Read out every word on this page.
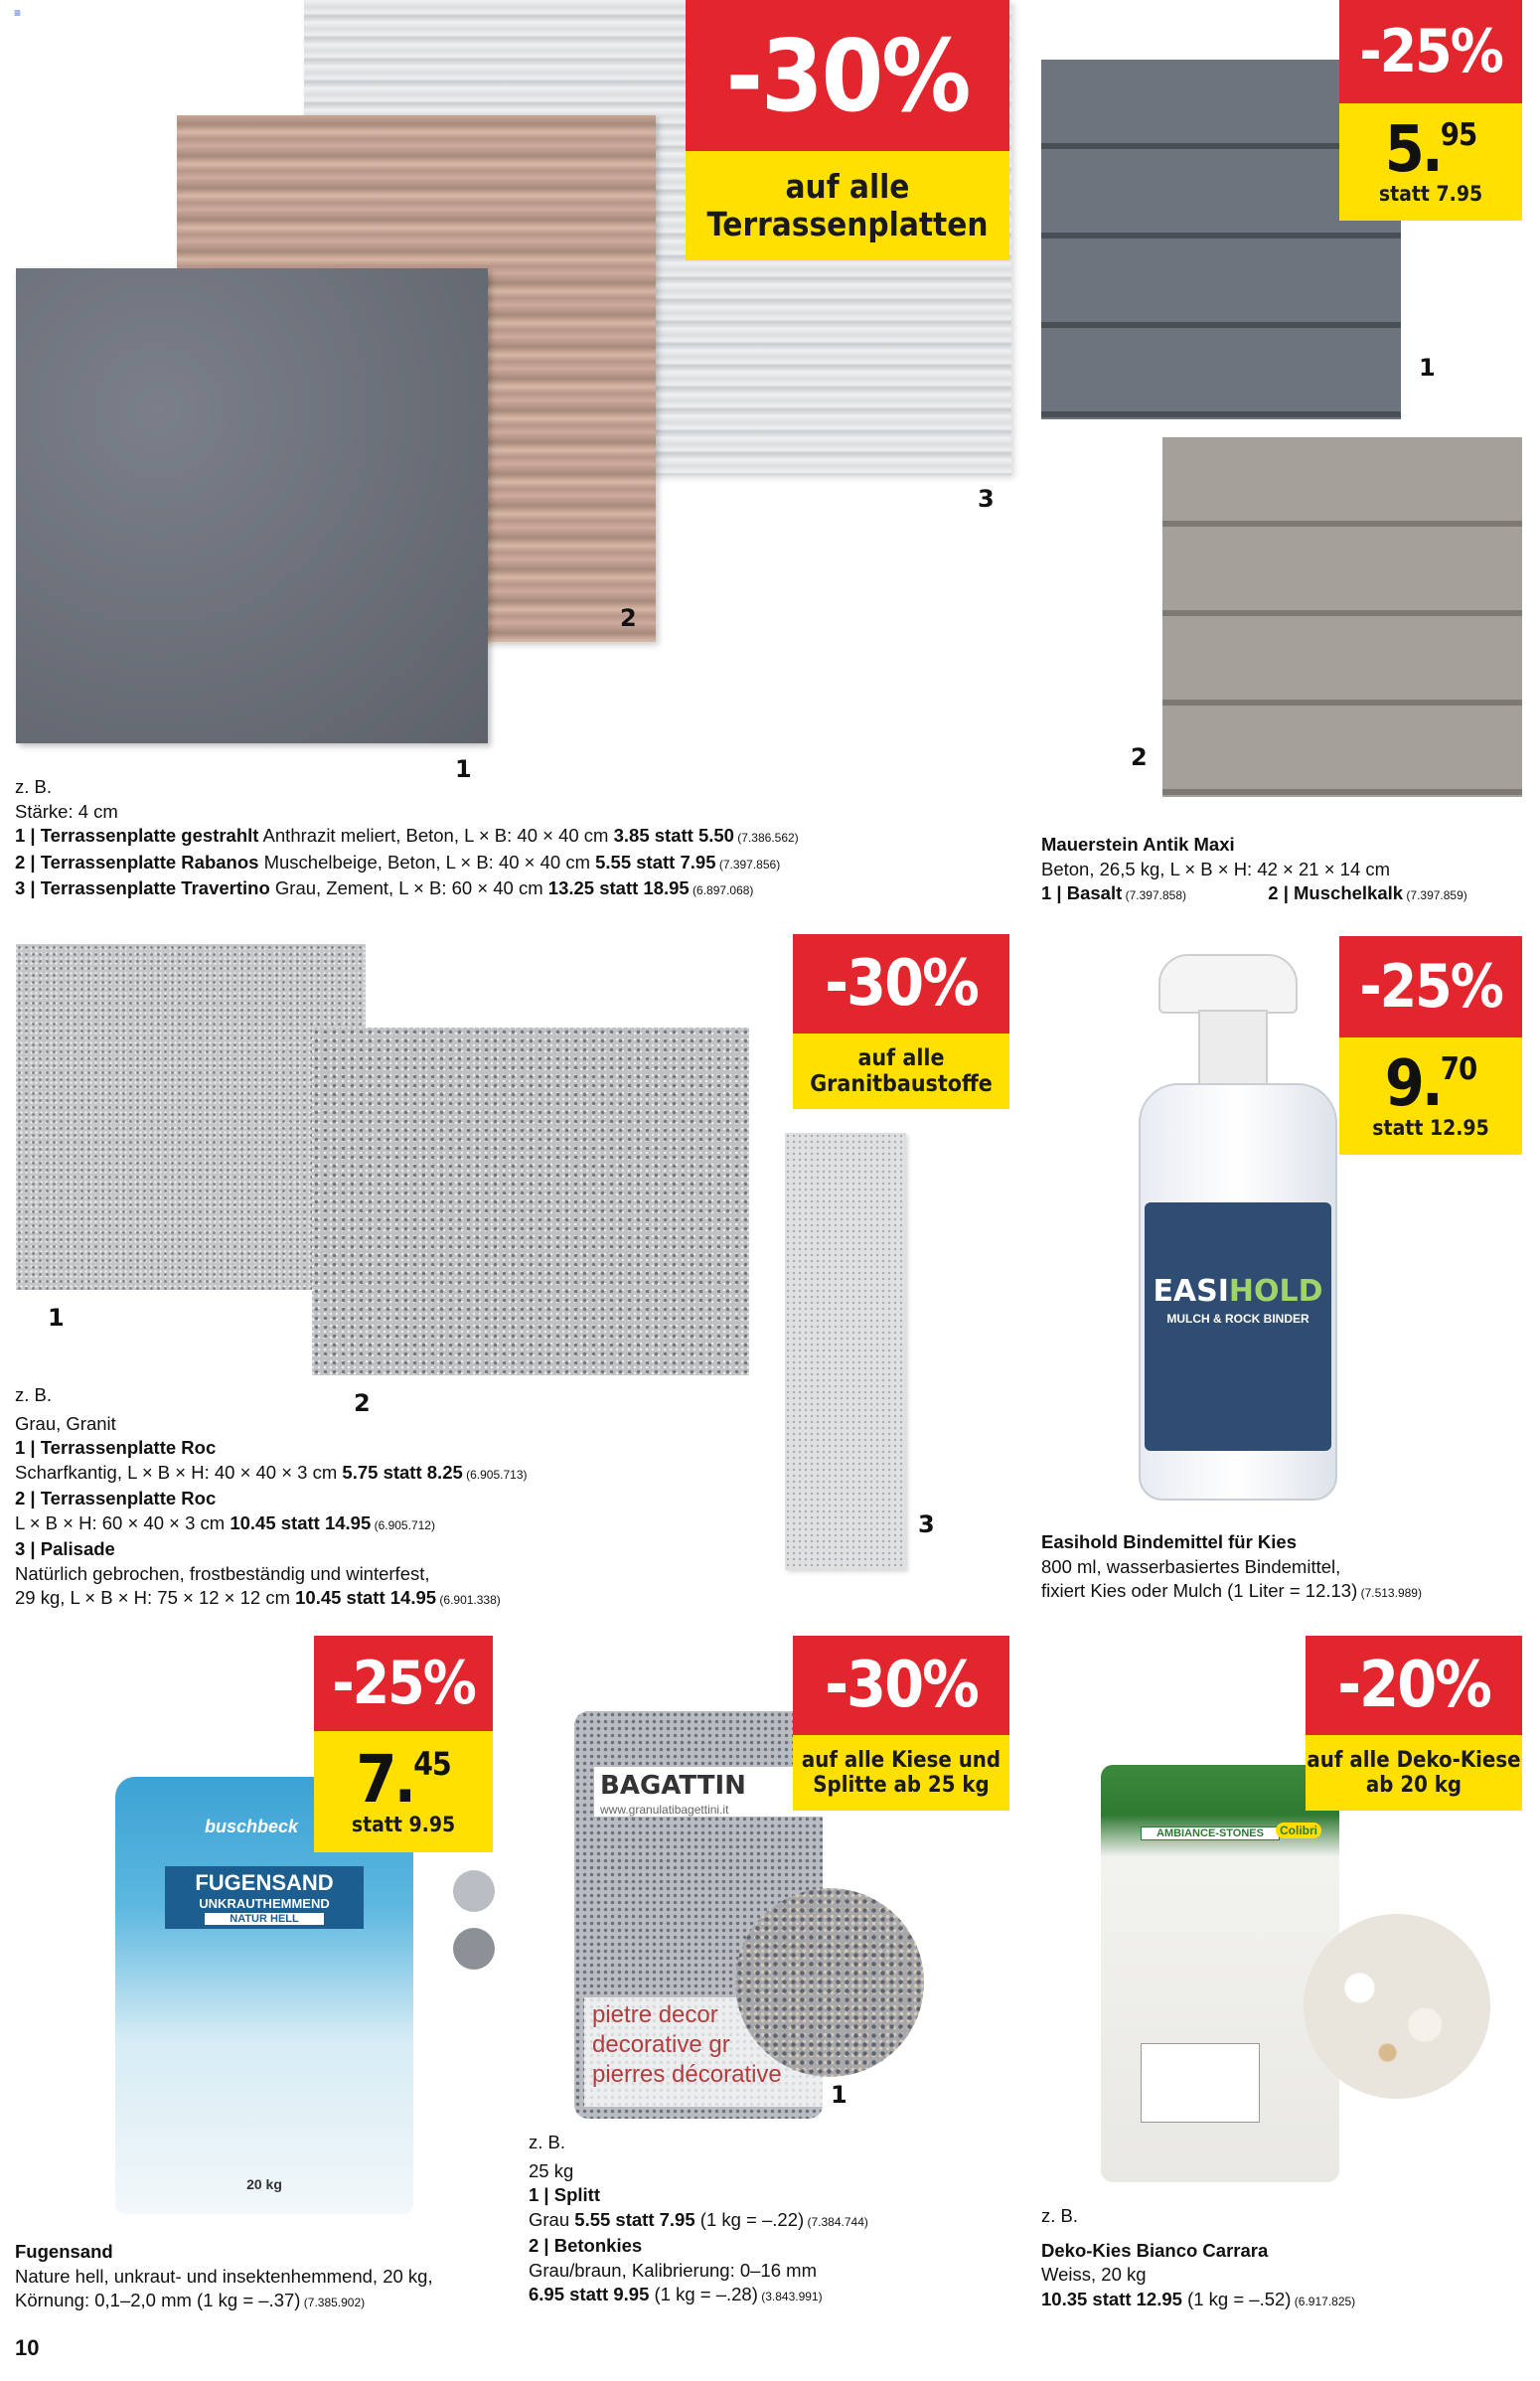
≡
1
2
3
-30%
auf alle
Terrassenplatten
z. B.
Stärke: 4 cm
1 | Terrassenplatte gestrahlt Anthrazit meliert, Beton, L × B: 40 × 40 cm 3.85 statt 5.50 (7.386.562)
2 | Terrassenplatte Rabanos Muschelbeige, Beton, L × B: 40 × 40 cm 5.55 statt 7.95 (7.397.856)
3 | Terrassenplatte Travertino Grau, Zement, L × B: 60 × 40 cm 13.25 statt 18.95 (6.897.068)
1
2
-25%
5.95
statt 7.95
Mauerstein Antik Maxi
Beton, 26,5 kg, L × B × H: 42 × 21 × 14 cm
1 | Basalt (7.397.858)	2 | Muschelkalk (7.397.859)
1
2
3
-30%
auf alle
Granitbaustoffe
z. B.
Grau, Granit
1 | Terrassenplatte Roc
Scharfkantig, L × B × H: 40 × 40 × 3 cm 5.75 statt 8.25 (6.905.713)
2 | Terrassenplatte Roc
L × B × H: 60 × 40 × 3 cm 10.45 statt 14.95 (6.905.712)
3 | Palisade
Natürlich gebrochen, frostbeständig und winterfest,
29 kg, L × B × H: 75 × 12 × 12 cm 10.45 statt 14.95 (6.901.338)
EASIHOLD
MULCH & ROCK BINDER
-25%
9.70
statt 12.95
Easihold Bindemittel für Kies
800 ml, wasserbasiertes Bindemittel,
fixiert Kies oder Mulch (1 Liter = 12.13) (7.513.989)
buschbeck
FUGENSAND
UNKRAUTHEMMEND
NATUR HELL
20 kg
-25%
7.45
statt 9.95
Fugensand
Nature hell, unkraut- und insektenhemmend, 20 kg,
Körnung: 0,1–2,0 mm (1 kg = –.37) (7.385.902)
BAGATTIN
www.granulatibagettini.it
pietre decor
decorative gr
pierres décorative
1
-30%
auf alle Kiese und
Splitte ab 25 kg
z. B.
25 kg
1 | Splitt
Grau 5.55 statt 7.95 (1 kg = –.22) (7.384.744)
2 | Betonkies
Grau/braun, Kalibrierung: 0–16 mm
6.95 statt 9.95 (1 kg = –.28) (3.843.991)
AMBIANCE-STONES	Colibri
-20%
auf alle Deko-Kiese
ab 20 kg
z. B.
Deko-Kies Bianco Carrara
Weiss, 20 kg
10.35 statt 12.95 (1 kg = –.52) (6.917.825)
10
